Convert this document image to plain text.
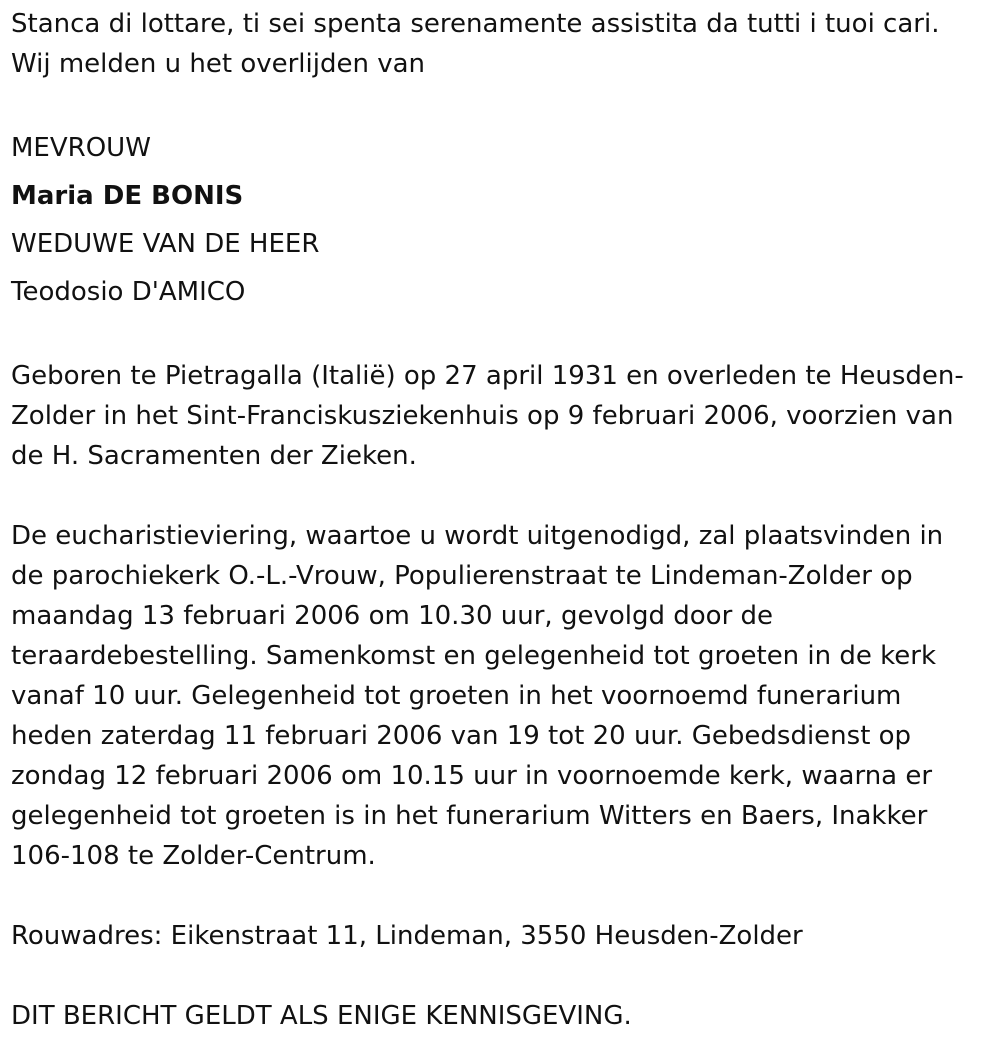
Stanca di lottare, ti sei spenta serenamente assistita da tutti i tuoi cari.
Wij melden u het overlijden van
MEVROUW
Maria DE BONIS
WEDUWE VAN DE HEER
Teodosio D'AMICO
Geboren te Pietragalla (Italië) op 27 april 1931 en overleden te Heusden-
Zolder in het Sint-Franciskusziekenhuis op 9 februari 2006, voorzien van
de H. Sacramenten der Zieken.
De eucharistieviering, waartoe u wordt uitgenodigd, zal plaatsvinden in
de parochiekerk O.-L.-Vrouw, Populierenstraat te Lindeman-Zolder op
maandag 13 februari 2006 om 10.30 uur, gevolgd door de
teraardebestelling. Samenkomst en gelegenheid tot groeten in de kerk
vanaf 10 uur. Gelegenheid tot groeten in het voornoemd funerarium
heden zaterdag 11 februari 2006 van 19 tot 20 uur. Gebedsdienst op
zondag 12 februari 2006 om 10.15 uur in voornoemde kerk, waarna er
gelegenheid tot groeten is in het funerarium Witters en Baers, Inakker
106-108 te Zolder-Centrum.
Rouwadres: Eikenstraat 11, Lindeman, 3550 Heusden-Zolder
DIT BERICHT GELDT ALS ENIGE KENNISGEVING.
